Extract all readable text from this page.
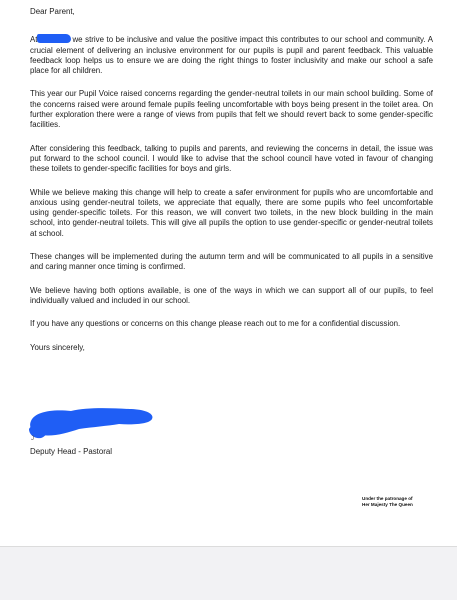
Dear Parent,

At	we strive to be inclusive and value the positive impact this contributes to our school and community. A crucial element of delivering an inclusive environment for our pupils is pupil and parent feedback. This valuable feedback loop helps us to ensure we are doing the right things to foster inclusivity and make our school a safe place for all children.

This year our Pupil Voice raised concerns regarding the gender-neutral toilets in our main school building. Some of the concerns raised were around female pupils feeling uncomfortable with boys being present in the toilet area. On further exploration there were a range of views from pupils that felt we should revert back to some gender-specific facilities.

After considering this feedback, talking to pupils and parents, and reviewing the concerns in detail, the issue was put forward to the school council. I would like to advise that the school council have voted in favour of changing these toilets to gender-specific facilities for boys and girls.

While we believe making this change will help to create a safer environment for pupils who are uncomfortable and anxious using gender-neutral toilets, we appreciate that equally, there are some pupils who feel uncomfortable using gender-specific toilets. For this reason, we will convert two toilets, in the new block building in the main school, into gender-neutral toilets. This will give all pupils the option to use gender-specific or gender-neutral toilets at school.

These changes will be implemented during the autumn term and will be communicated to all pupils in a sensitive and caring manner once timing is confirmed.

We believe having both options available, is one of the ways in which we can support all of our pupils, to feel individually valued and included in our school.

If you have any questions or concerns on this change please reach out to me for a confidential discussion.

Yours sincerely,

J
Deputy Head - Pastoral
Under the patronage of
Her Majesty The Queen
